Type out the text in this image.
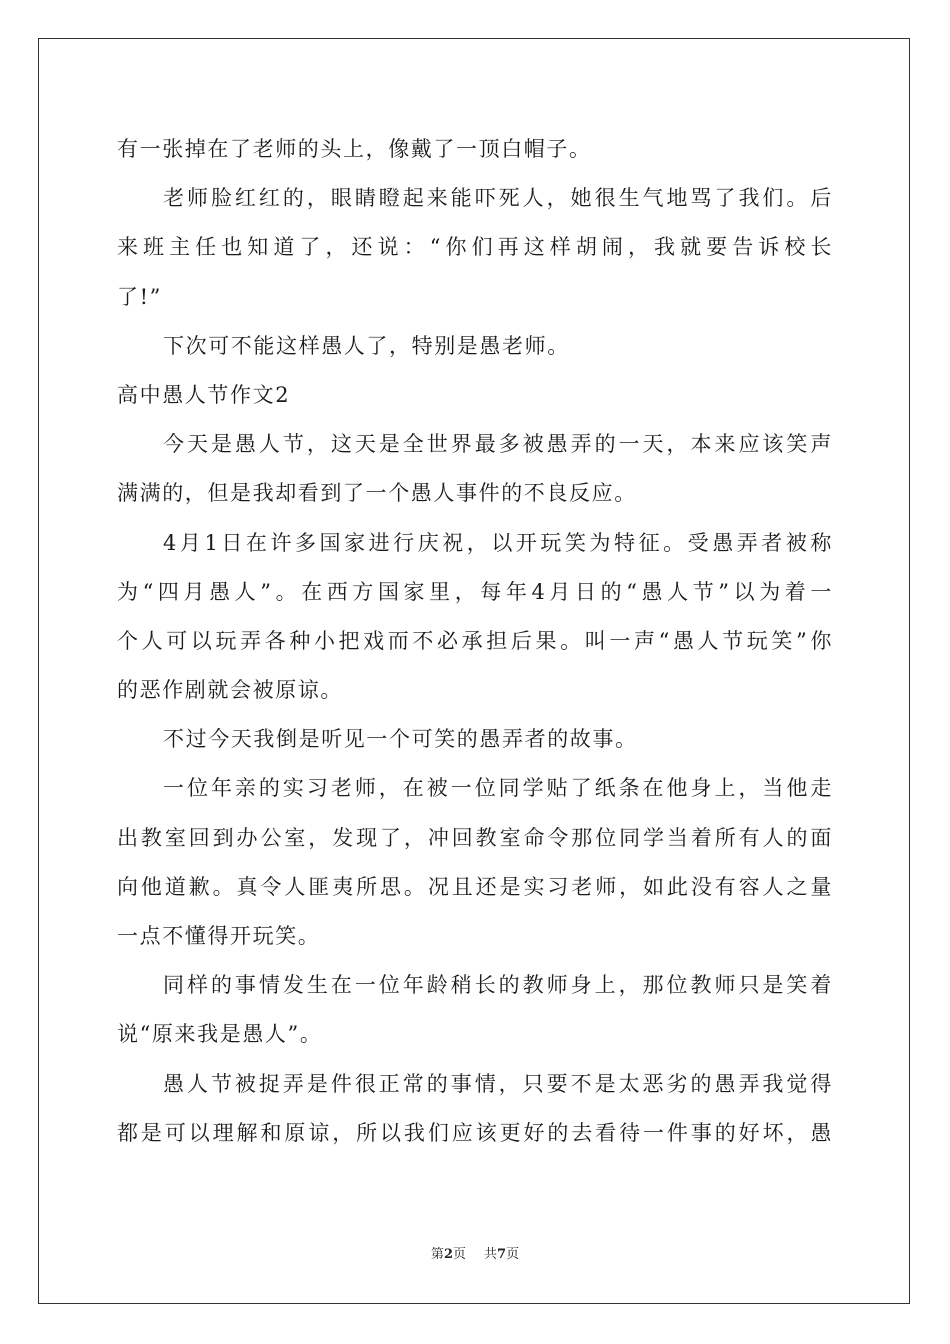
有一张掉在了老师的头上，像戴了一顶白帽子。
老师脸红红的，眼睛瞪起来能吓死人，她很生气地骂了我们。后
来班主任也知道了，还说：“你们再这样胡闹，我就要告诉校长
了!”
下次可不能这样愚人了，特别是愚老师。
高中愚人节作文2
今天是愚人节，这天是全世界最多被愚弄的一天，本来应该笑声
满满的，但是我却看到了一个愚人事件的不良反应。
4月1日在许多国家进行庆祝，以开玩笑为特征。受愚弄者被称
为“四月愚人”。在西方国家里，每年4月日的“愚人节”以为着一
个人可以玩弄各种小把戏而不必承担后果。叫一声“愚人节玩笑”你
的恶作剧就会被原谅。
不过今天我倒是听见一个可笑的愚弄者的故事。
一位年亲的实习老师，在被一位同学贴了纸条在他身上，当他走
出教室回到办公室，发现了，冲回教室命令那位同学当着所有人的面
向他道歉。真令人匪夷所思。况且还是实习老师，如此没有容人之量
一点不懂得开玩笑。
同样的事情发生在一位年龄稍长的教师身上，那位教师只是笑着
说“原来我是愚人”。
愚人节被捉弄是件很正常的事情，只要不是太恶劣的愚弄我觉得
都是可以理解和原谅，所以我们应该更好的去看待一件事的好坏，愚
第2页 共7页
